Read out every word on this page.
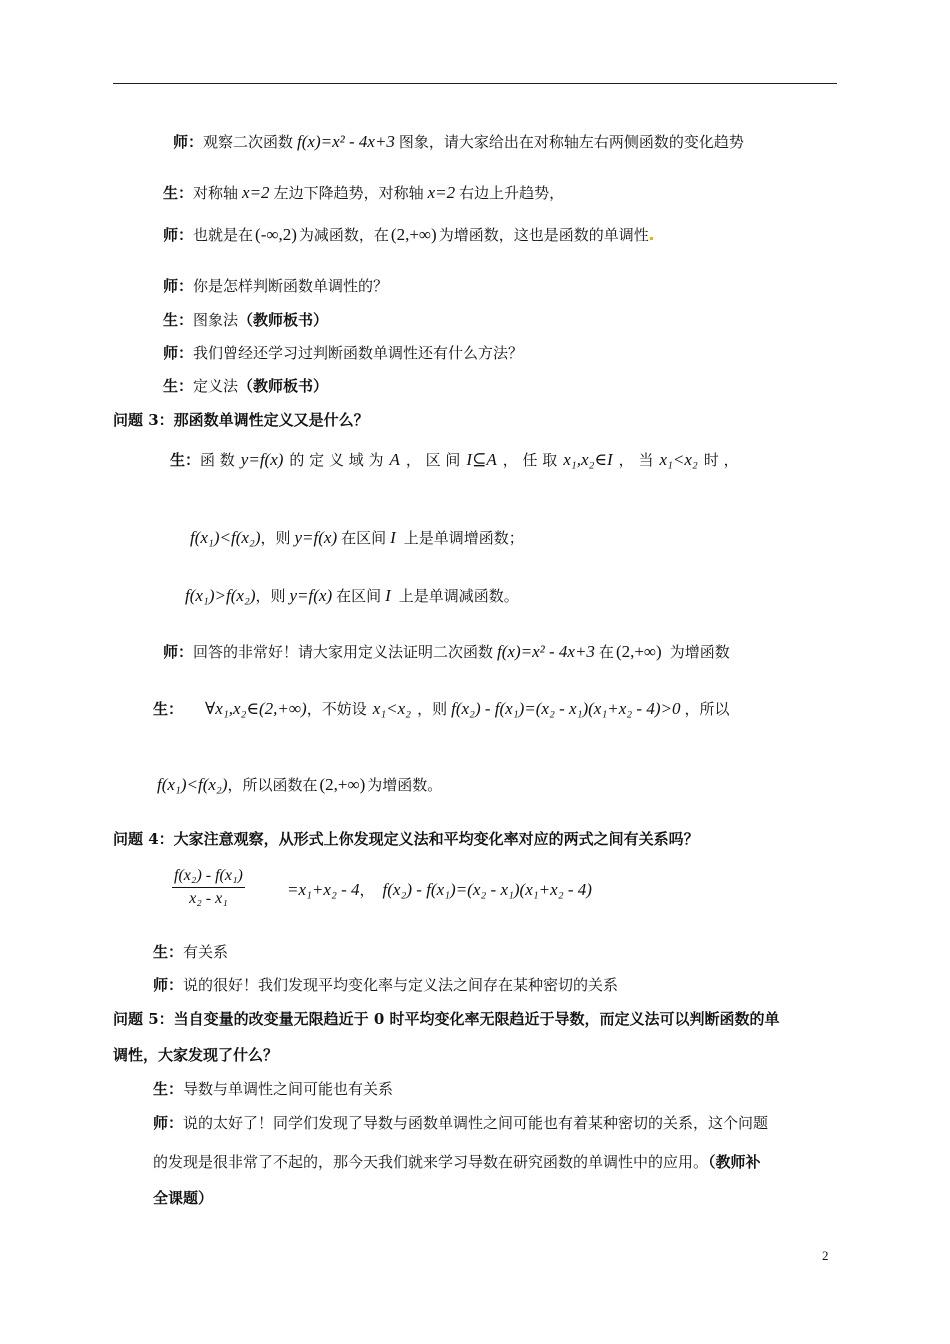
师：观察二次函数 f(x)=x² - 4x+3 图象，请大家给出在对称轴左右两侧函数的变化趋势
生：对称轴 x=2 左边下降趋势，对称轴 x=2 右边上升趋势，
师：也就是在 (-∞,2) 为减函数，在 (2,+∞) 为增函数，这也是函数的单调性
师：你是怎样判断函数单调性的？
生：图象法（教师板书）
师：我们曾经还学习过判断函数单调性还有什么方法？
生：定义法（教师板书）
问题 3：那函数单调性定义又是什么？
生：函 数 y=f(x) 的 定 义 域 为 A ， 区 间 I⊆A ， 任 取 x₁,x₂∈I ， 当 x₁<x₂ 时 ，
f(x₁)<f(x₂)，则 y=f(x) 在区间 I 上是单调增函数；
f(x₁)>f(x₂)，则 y=f(x) 在区间 I 上是单调减函数。
师：回答的非常好！请大家用定义法证明二次函数 f(x)=x² - 4x+3 在 (2,+∞) 为增函数
生： ∀x₁,x₂∈(2,+∞)，不妨设 x₁<x₂ ，则 f(x₂) - f(x₁)=(x₂ - x₁)(x₁+x₂ - 4)>0 ，所以
f(x₁)<f(x₂)，所以函数在 (2,+∞) 为增函数。
问题 4：大家注意观察，从形式上你发现定义法和平均变化率对应的两式之间有关系吗？
$\frac{\text{f(x₂) - f(x₁)}}{\text{x₂ - x₁}} =x_1+x_2 - 4$， f(x₂) - f(x₁)=(x₂ - x₁)(x₁+x₂ - 4)
生：有关系
师：说的很好！我们发现平均变化率与定义法之间存在某种密切的关系
问题 5：当自变量的改变量无限趋近于 0 时平均变化率无限趋近于导数，而定义法可以判断函数的单
调性，大家发现了什么？
生：导数与单调性之间可能也有关系
师：说的太好了！同学们发现了导数与函数单调性之间可能也有着某种密切的关系，这个问题
的发现是很非常了不起的，那今天我们就来学习导数在研究函数的单调性中的应用。（教师补
全课题）
2
